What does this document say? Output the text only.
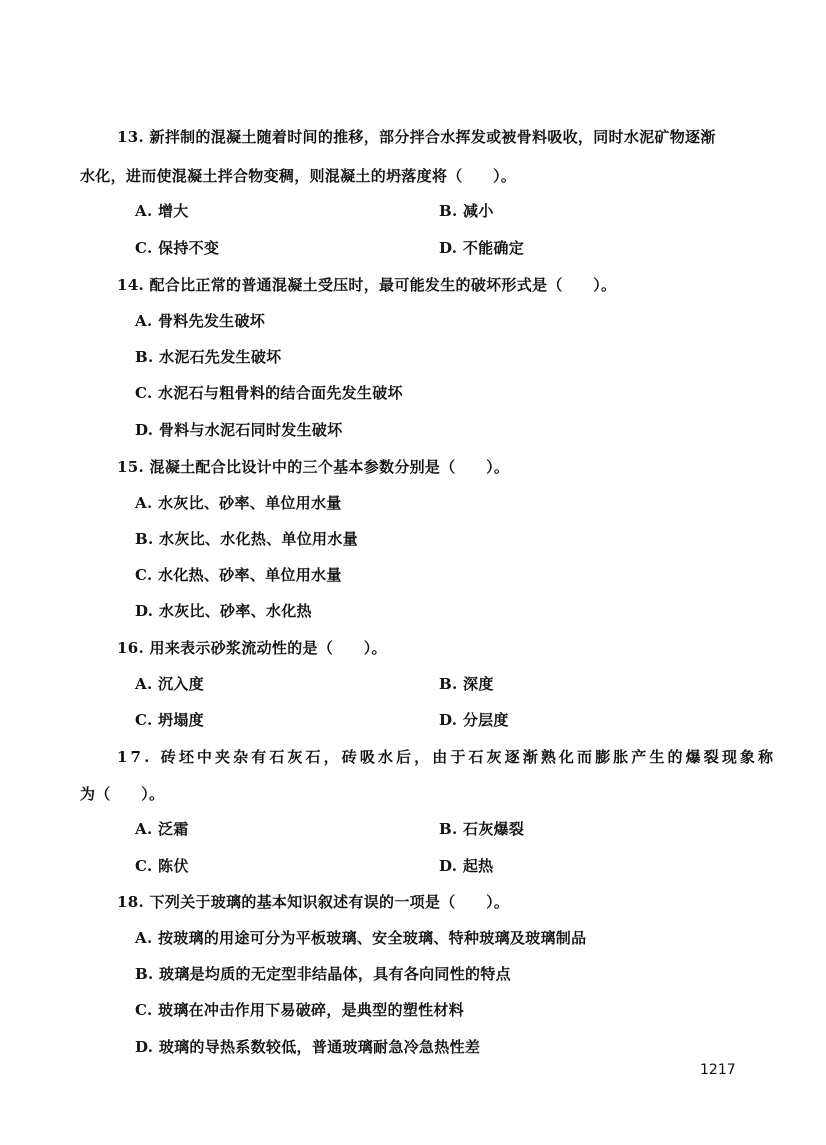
13. 新拌制的混凝土随着时间的推移，部分拌合水挥发或被骨料吸收，同时水泥矿物逐渐
水化，进而使混凝土拌合物变稠，则混凝土的坍落度将（　　）。
A. 增大	B. 减小
C. 保持不变	D. 不能确定
14. 配合比正常的普通混凝土受压时，最可能发生的破坏形式是（　　）。
A. 骨料先发生破坏
B. 水泥石先发生破坏
C. 水泥石与粗骨料的结合面先发生破坏
D. 骨料与水泥石同时发生破坏
15. 混凝土配合比设计中的三个基本参数分别是（　　）。
A. 水灰比、砂率、单位用水量
B. 水灰比、水化热、单位用水量
C. 水化热、砂率、单位用水量
D. 水灰比、砂率、水化热
16. 用来表示砂浆流动性的是（　　）。
A. 沉入度	B. 深度
C. 坍塌度	D. 分层度
17. 砖坯中夹杂有石灰石，砖吸水后，由于石灰逐渐熟化而膨胀产生的爆裂现象称
为（　　）。
A. 泛霜	B. 石灰爆裂
C. 陈伏	D. 起热
18. 下列关于玻璃的基本知识叙述有误的一项是（　　）。
A. 按玻璃的用途可分为平板玻璃、安全玻璃、特种玻璃及玻璃制品
B. 玻璃是均质的无定型非结晶体，具有各向同性的特点
C. 玻璃在冲击作用下易破碎，是典型的塑性材料
D. 玻璃的导热系数较低，普通玻璃耐急冷急热性差
1217
